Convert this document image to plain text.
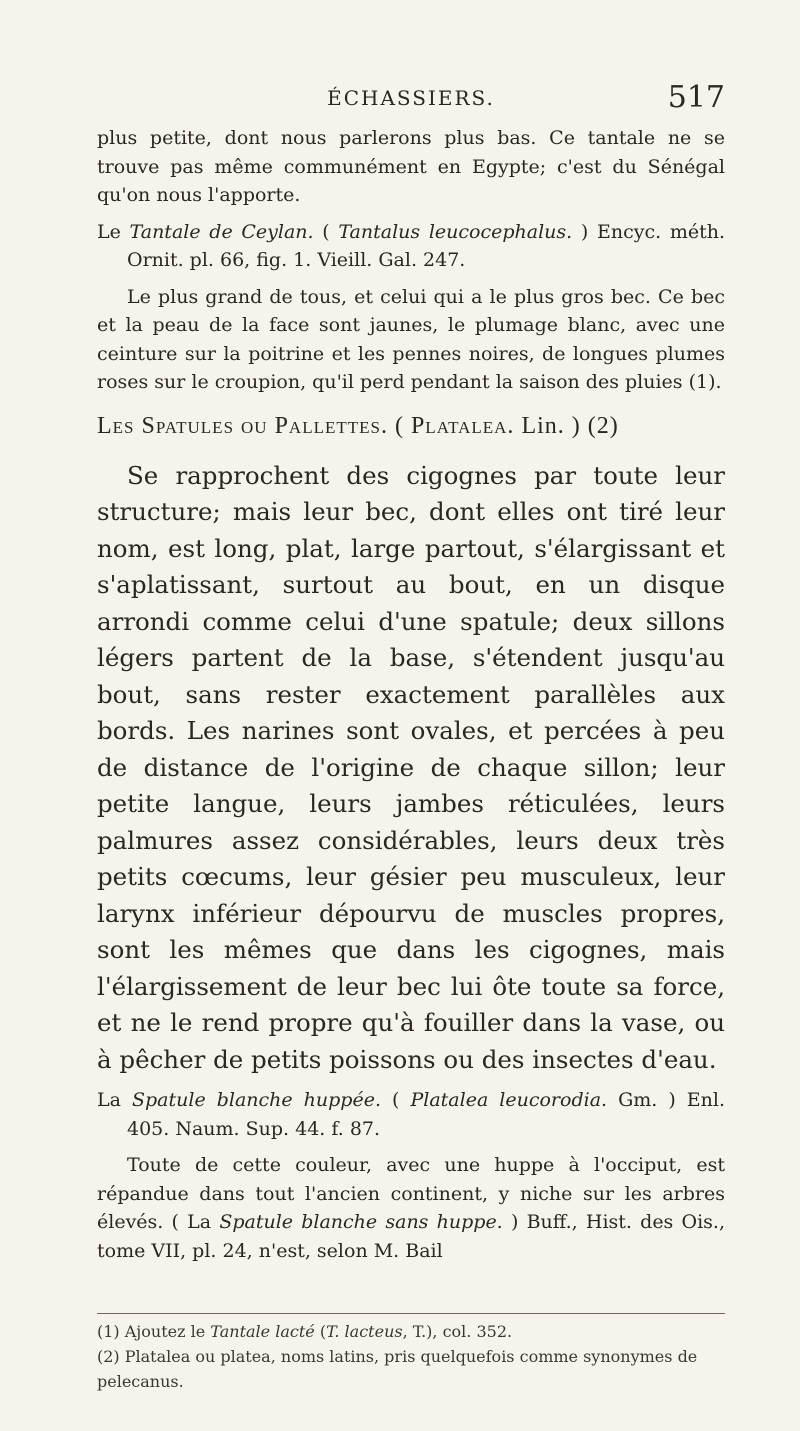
ÉCHASSIERS.	517

plus petite, dont nous parlerons plus bas. Ce tantale ne se trouve pas même communément en Egypte; c'est du Sénégal qu'on nous l'apporte.

Le Tantale de Ceylan. ( Tantalus leucocephalus. ) Encyc. méth. Ornit. pl. 66, fig. 1. Vieill. Gal. 247.

Le plus grand de tous, et celui qui a le plus gros bec. Ce bec et la peau de la face sont jaunes, le plumage blanc, avec une ceinture sur la poitrine et les pennes noires, de longues plumes roses sur le croupion, qu'il perd pendant la saison des pluies (1).

Les Spatules ou Pallettes. ( Platalea. Lin. ) (2)

Se rapprochent des cigognes par toute leur structure; mais leur bec, dont elles ont tiré leur nom, est long, plat, large partout, s'élargissant et s'aplatissant, surtout au bout, en un disque arrondi comme celui d'une spatule; deux sillons légers partent de la base, s'étendent jusqu'au bout, sans rester exactement parallèles aux bords. Les narines sont ovales, et percées à peu de distance de l'origine de chaque sillon; leur petite langue, leurs jambes réticulées, leurs palmures assez considérables, leurs deux très petits cœcums, leur gésier peu musculeux, leur larynx inférieur dépourvu de muscles propres, sont les mêmes que dans les cigognes, mais l'élargissement de leur bec lui ôte toute sa force, et ne le rend propre qu'à fouiller dans la vase, ou à pêcher de petits poissons ou des insectes d'eau.

La Spatule blanche huppée. ( Platalea leucorodia. Gm. ) Enl. 405. Naum. Sup. 44. f. 87.

Toute de cette couleur, avec une huppe à l'occiput, est répandue dans tout l'ancien continent, y niche sur les arbres élevés. ( La Spatule blanche sans huppe. ) Buff., Hist. des Ois., tome VII, pl. 24, n'est, selon M. Bail

(1) Ajoutez le Tantale lacté (T. lacteus, T.), col. 352.

(2) Platalea ou platea, noms latins, pris quelquefois comme synonymes de pelecanus.
